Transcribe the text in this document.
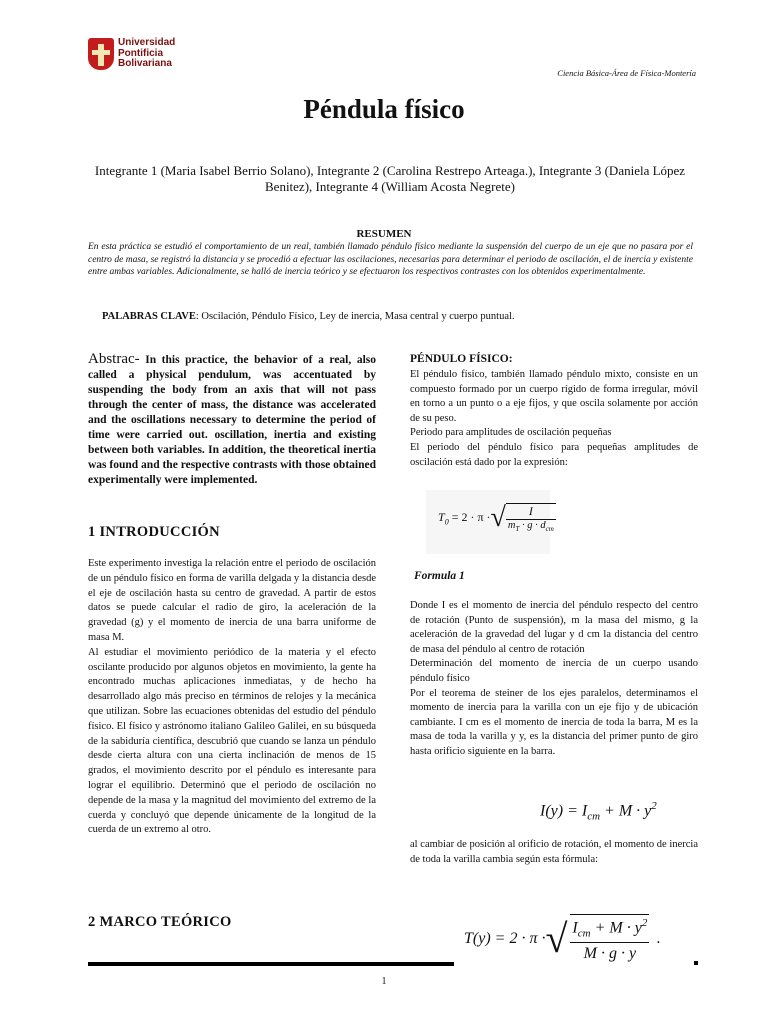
Universidad
Pontificia
Bolivariana
Ciencia Básica-Área de Física-Montería
Péndula físico
Integrante 1 (Maria Isabel Berrio Solano), Integrante 2 (Carolina Restrepo Arteaga.), Integrante 3 (Daniela López Benitez), Integrante 4 (William Acosta Negrete)
RESUMEN
En esta práctica se estudió el comportamiento de un real, también llamado péndulo físico mediante la suspensión del cuerpo de un eje que no pasara por el centro de masa, se registró la distancia y se procedió a efectuar las oscilaciones, necesarias para determinar el periodo de oscilación, el de inercia y existente entre ambas variables. Adicionalmente, se halló de inercia teórico y se efectuaron los respectivos contrastes con los obtenidos experimentalmente.
PALABRAS CLAVE: Oscilación, Péndulo Físico, Ley de inercia, Masa central y cuerpo puntual.
Abstrac- In this practice, the behavior of a real, also called a physical pendulum, was accentuated by suspending the body from an axis that will not pass through the center of mass, the distance was accelerated and the oscillations necessary to determine the period of time were carried out. oscillation, inertia and existing between both variables. In addition, the theoretical inertia was found and the respective contrasts with those obtained experimentally were implemented.
1 INTRODUCCIÓN
Este experimento investiga la relación entre el periodo de oscilación de un péndulo físico en forma de varilla delgada y la distancia desde el eje de oscilación hasta su centro de gravedad. A partir de estos datos se puede calcular el radio de giro, la aceleración de la gravedad (g) y el momento de inercia de una barra uniforme de masa M.
Al estudiar el movimiento periódico de la materia y el efecto oscilante producido por algunos objetos en movimiento, la gente ha encontrado muchas aplicaciones inmediatas, y de hecho ha desarrollado algo más preciso en términos de relojes y la mecánica que utilizan. Sobre las ecuaciones obtenidas del estudio del péndulo físico. El físico y astrónomo italiano Galileo Galilei, en su búsqueda de la sabiduría científica, descubrió que cuando se lanza un péndulo desde cierta altura con una cierta inclinación de menos de 15 grados, el movimiento descrito por el péndulo es interesante para lograr el equilibrio. Determinó que el periodo de oscilación no depende de la masa y la magnitud del movimiento del extremo de la cuerda y concluyó que depende únicamente de la longitud de la cuerda de un extremo al otro.
2 MARCO TEÓRICO
PÉNDULO FÍSICO:
El péndulo físico, también llamado péndulo mixto, consiste en un compuesto formado por un cuerpo rígido de forma irregular, móvil en torno a un punto o a eje fijos, y que oscila solamente por acción de su peso.
Periodo para amplitudes de oscilación pequeñas
El periodo del péndulo físico para pequeñas amplitudes de oscilación está dado por la expresión:
$T_0 = 2 \cdot \pi$ ·	√	I
$m_T \cdot g \cdot d_{cm}$
Formula 1
Donde I es el momento de inercia del péndulo respecto del centro de rotación (Punto de suspensión), m la masa del mismo, g la aceleración de la gravedad del lugar y d cm la distancia del centro de masa del péndulo al centro de rotación
Determinación del momento de inercia de un cuerpo usando péndulo físico
Por el teorema de steiner de los ejes paralelos, determinamos el momento de inercia para la varilla con un eje fijo y de ubicación cambiante. I cm es el momento de inercia de toda la barra, M es la masa de toda la varilla y y, es la distancia del primer punto de giro hasta orificio siguiente en la barra.
$I(y) = I_{cm} + M \cdot y^2$
al cambiar de posición al orificio de rotación, el momento de inercia de toda la varilla cambia según esta fórmula:
T(y) = 2 · π ·	√	$I_{cm} + M \cdot y^2$
M · g · y
	.
1
